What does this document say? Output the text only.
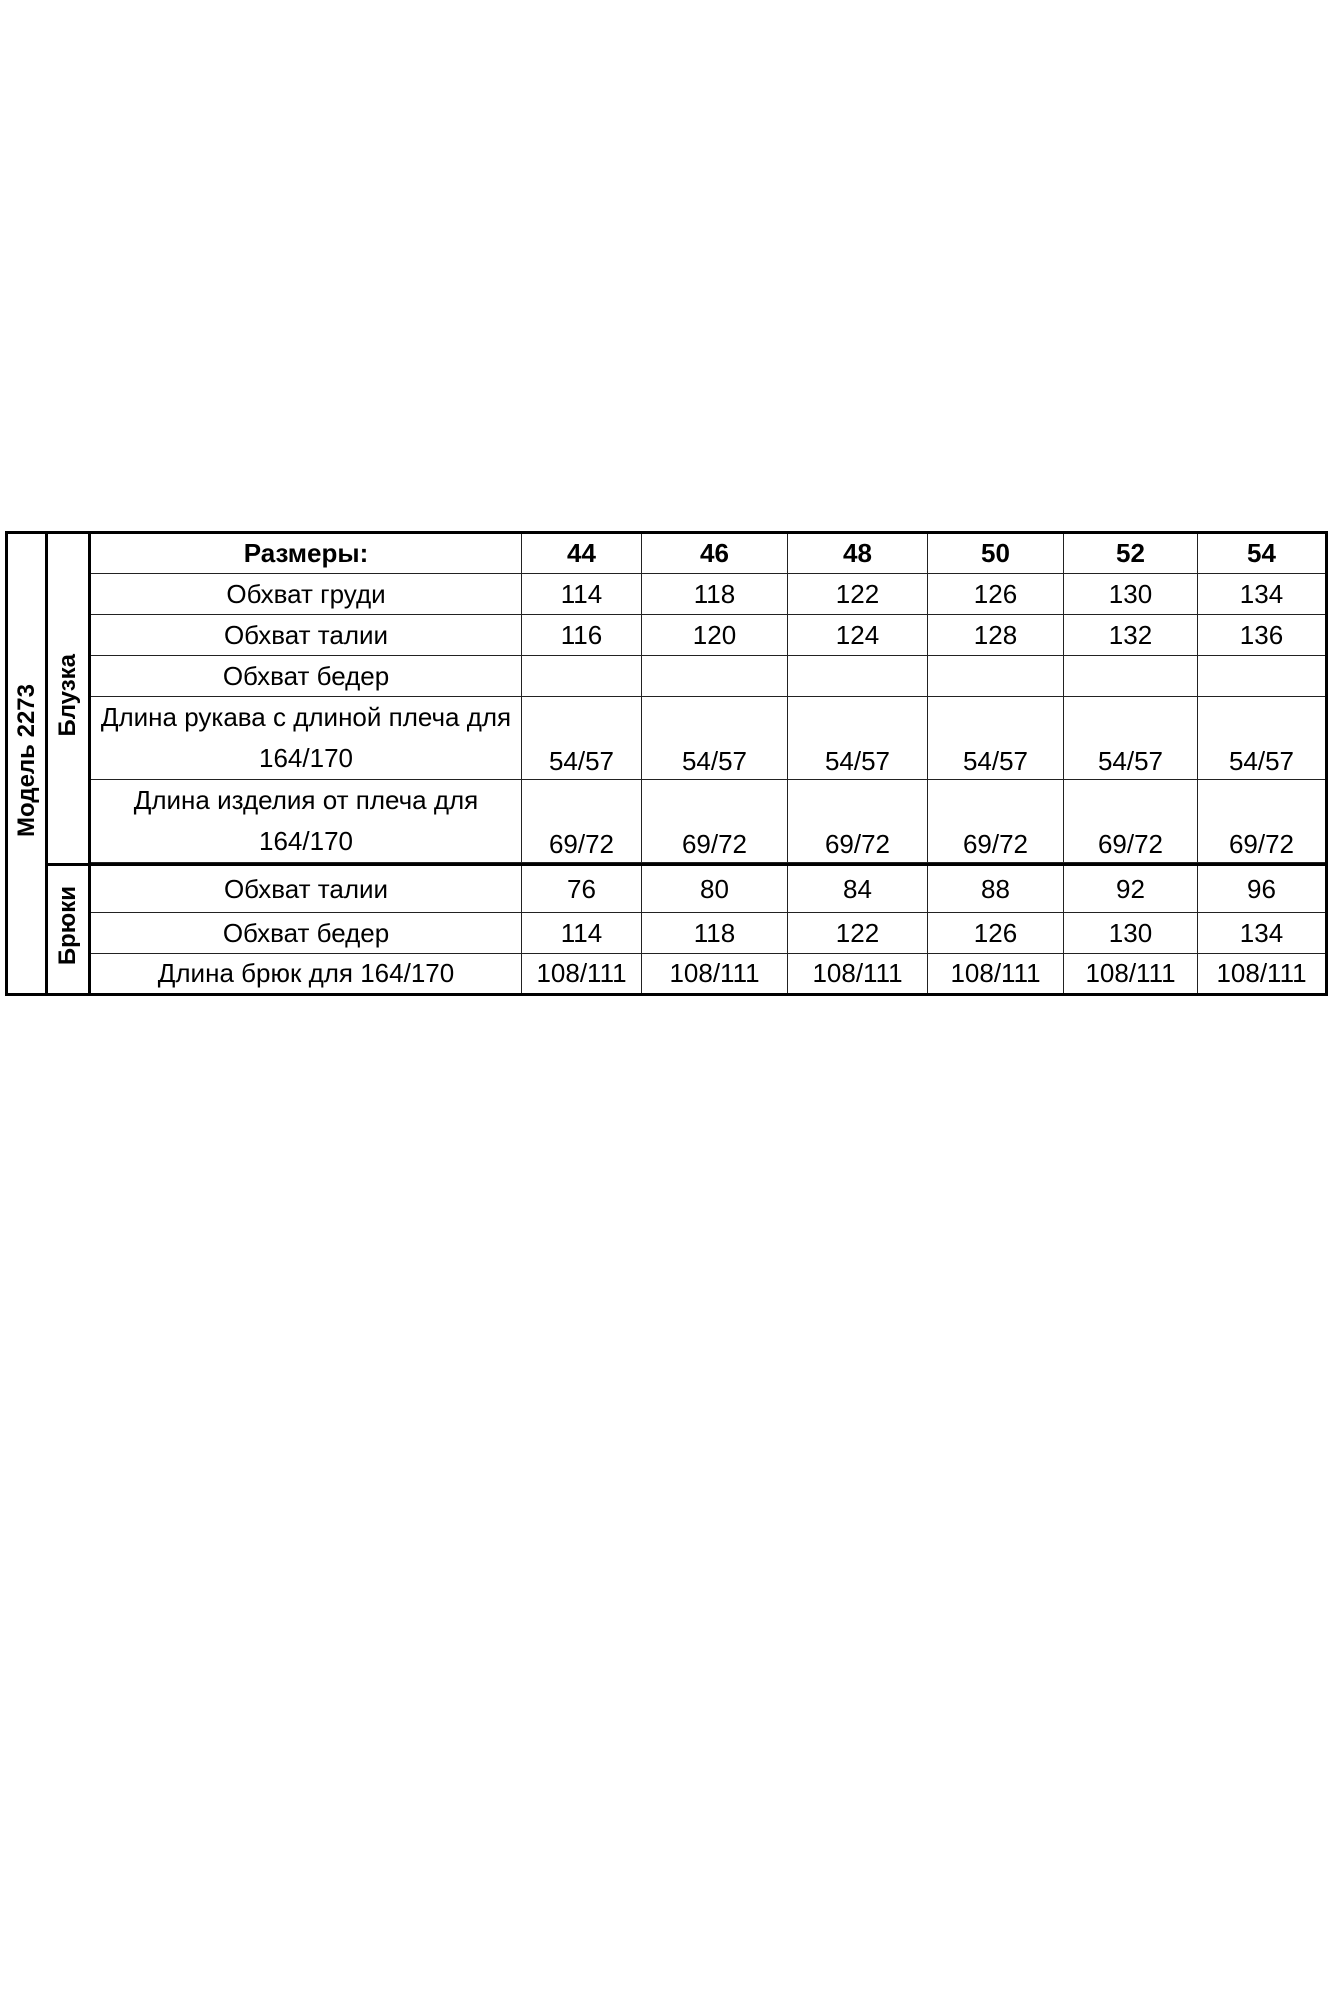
Модель 2273	Блузка	Размеры:	44	46	48	50	52	54
		Обхват груди	114	118	122	126	130	134
		Обхват талии	116	120	124	128	132	136
		Обхват бедер						
		Длина рукава с длиной плеча для 164/170	54/57	54/57	54/57	54/57	54/57	54/57
		Длина изделия от плеча для 164/170	69/72	69/72	69/72	69/72	69/72	69/72

	Брюки	Обхват талии	76	80	84	88	92	96
		Обхват бедер	114	118	122	126	130	134
		Длина брюк для 164/170	108/111	108/111	108/111	108/111	108/111	108/111
